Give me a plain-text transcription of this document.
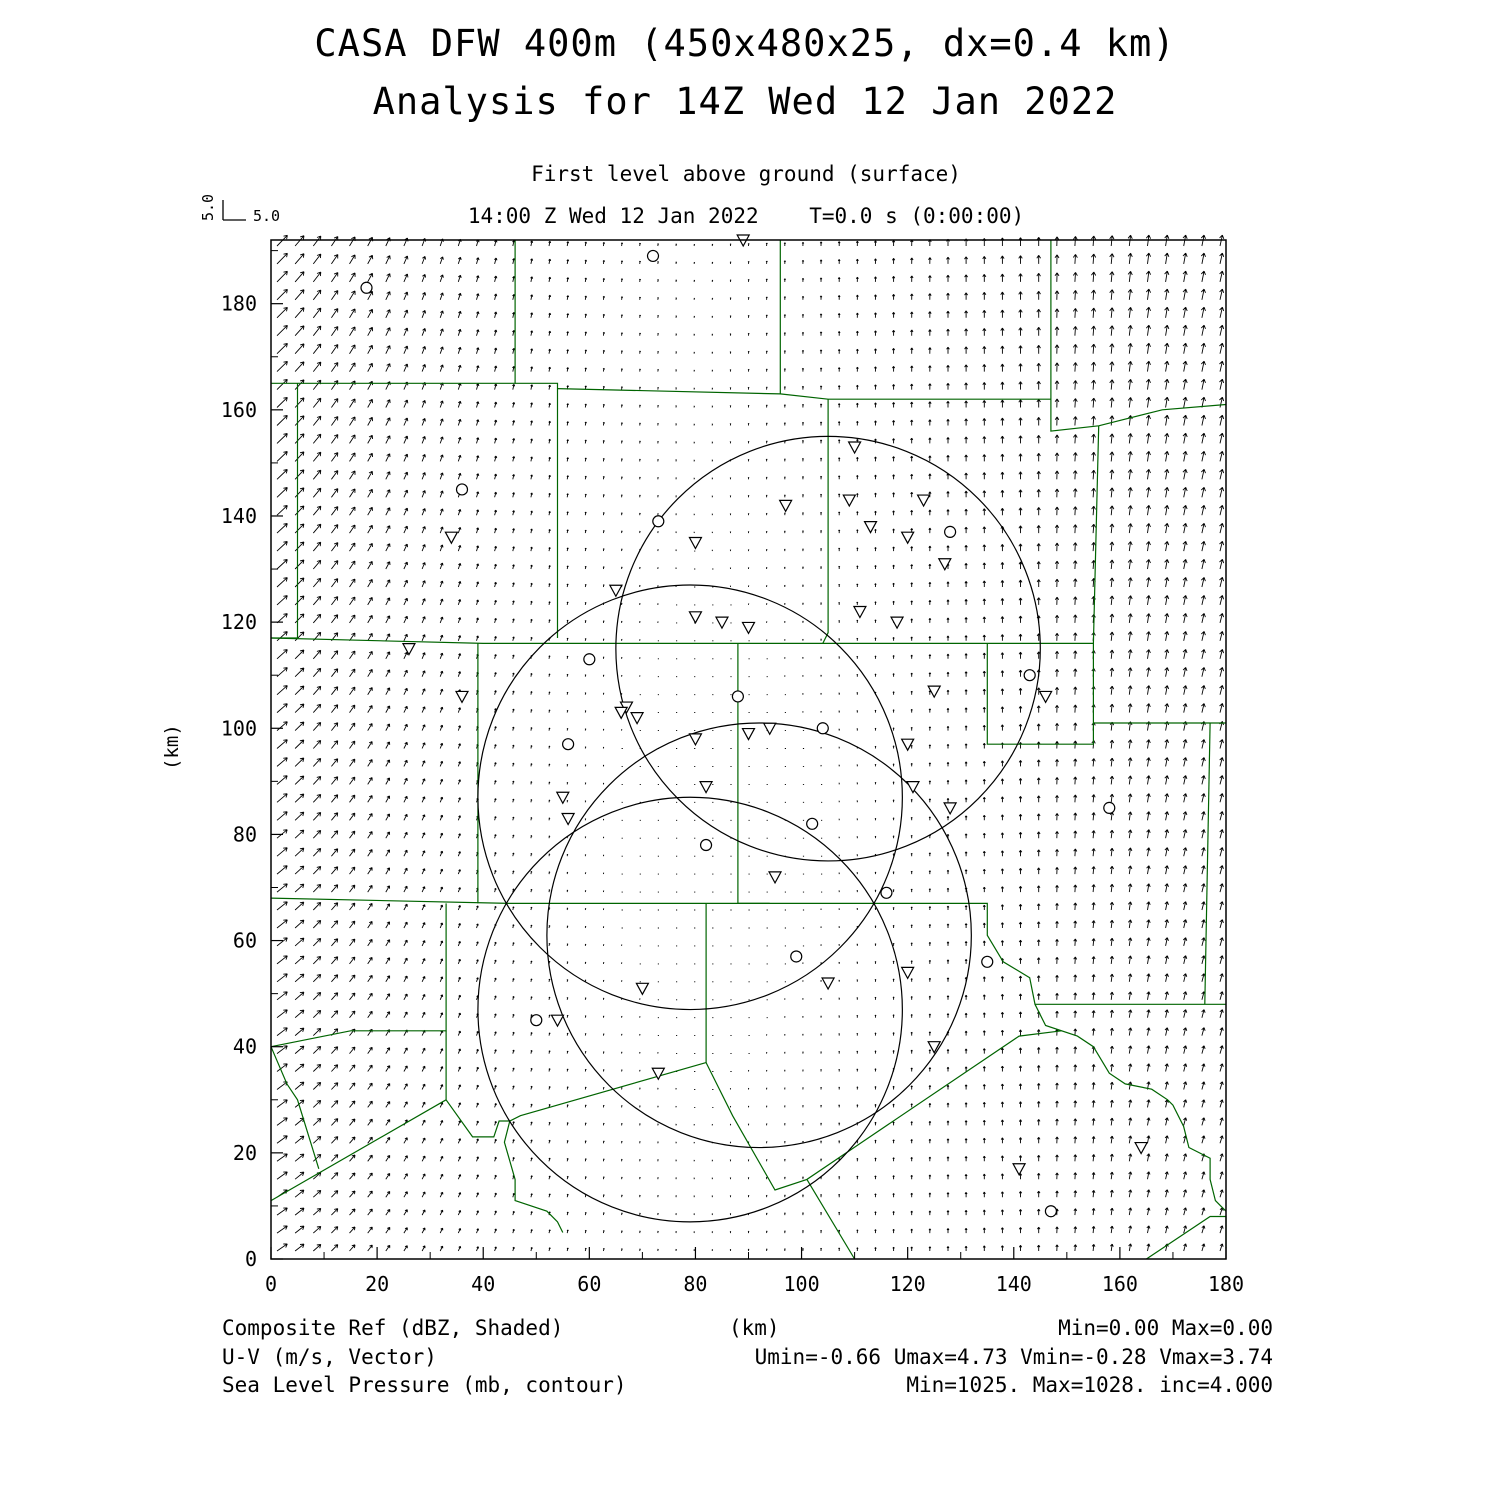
CASA DFW 400m (450x480x25, dx=0.4 km)
Analysis for 14Z Wed 12 Jan 2022
First level above ground (surface)
14:00 Z Wed 12 Jan 2022    T=0.0 s (0:00:00)
0	20	40	60	80	100	120	140	160	180
0
20
40
60
80
100
120
140
160
180
5.0 5.0
(km)
Composite Ref (dBZ, Shaded)
U-V (m/s, Vector)
Sea Level Pressure (mb, contour)
(km)	Min=0.00 Max=0.00
Umin=-0.66 Umax=4.73 Vmin=-0.28 Vmax=3.74
Min=1025. Max=1028. inc=4.000
